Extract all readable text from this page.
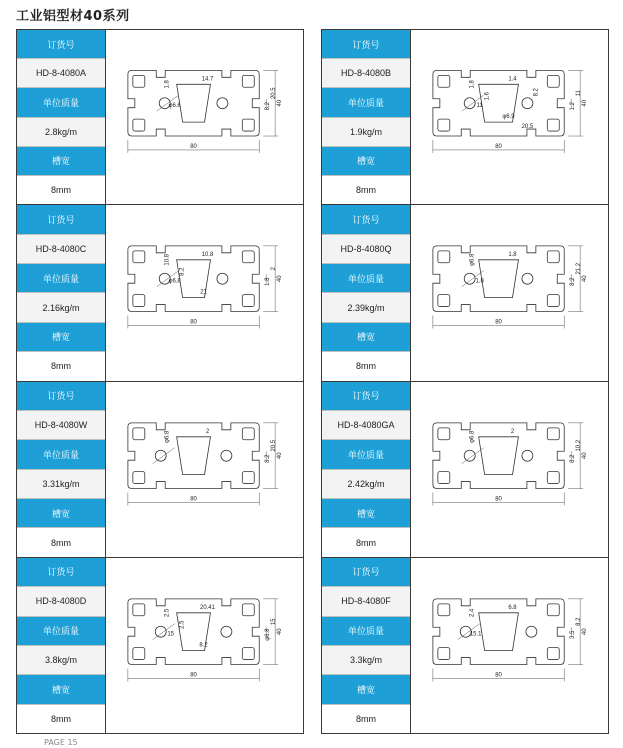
工业铝型材40系列
订货号
HD-8-4080A
单位质量
2.8kg/m
槽宽
8mm
80
40
14.7
1.8
8.2
20.5
φ6.6
订货号
HD-8-4080B
单位质量
1.9kg/m
槽宽
8mm
80
40
1.4
1.8
1.2
11
11
1.6
φ6.9
8.2
20.5
订货号
HD-8-4080C
单位质量
2.16kg/m
槽宽
8mm
80
40
10.8
10.8
1.8
2
φ6.8
8.2
21
订货号
HD-8-4080Q
单位质量
2.39kg/m
槽宽
8mm
80
40
1.8
φ6.8
8.2
21.2
1.8
订货号
HD-8-4080W
单位质量
3.31kg/m
槽宽
8mm
80
40
2
φ6.8
8.2
20.5
订货号
HD-8-4080GA
单位质量
2.42kg/m
槽宽
8mm
80
40
2
φ6.8
8.2
10.2
订货号
HD-8-4080D
单位质量
3.8kg/m
槽宽
8mm
80
40
20.41
2.5
φ6.8
15
15
2.5
8.2
订货号
HD-8-4080F
单位质量
3.3kg/m
槽宽
8mm
80
40
6.8
2.4
3.5
8.2
15.1
PAGE 15
